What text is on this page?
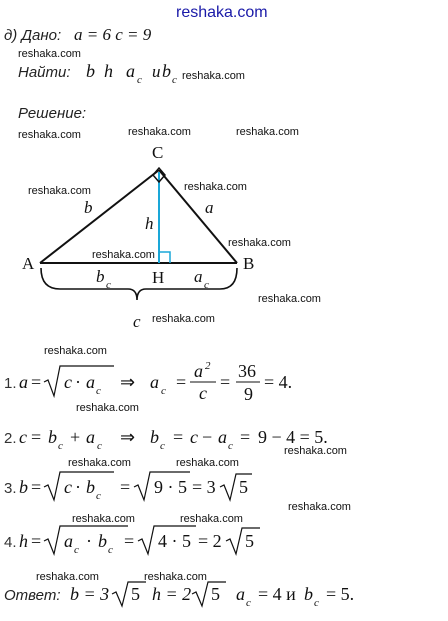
reshaka.com
д) Дано: a = 6 c = 9
reshaka.com
Найти: b h a c и b c reshaka.com
Решение:
reshaka.com	reshaka.com	reshaka.com
C
A	B
H
b	a
h
b c	a c
c
reshaka.com	reshaka.com
reshaka.com
reshaka.com
reshaka.com
reshaka.com
reshaka.com
1. a = c · a c ⇒ a c =
a 2
c
=
36
9
= 4.
reshaka.com
2. c = b c + a c ⇒ b c = c − a c = 9 − 4 = 5.
reshaka.com	reshaka.com
reshaka.com
3. b = c · b c = 9 · 5 = 3 5
reshaka.com	reshaka.com
reshaka.com
4. h = a c · b c = 4 · 5 = 2 5
reshaka.com	reshaka.com
Ответ: b = 3 5 h = 2 5 a c = 4 и b c = 5.
